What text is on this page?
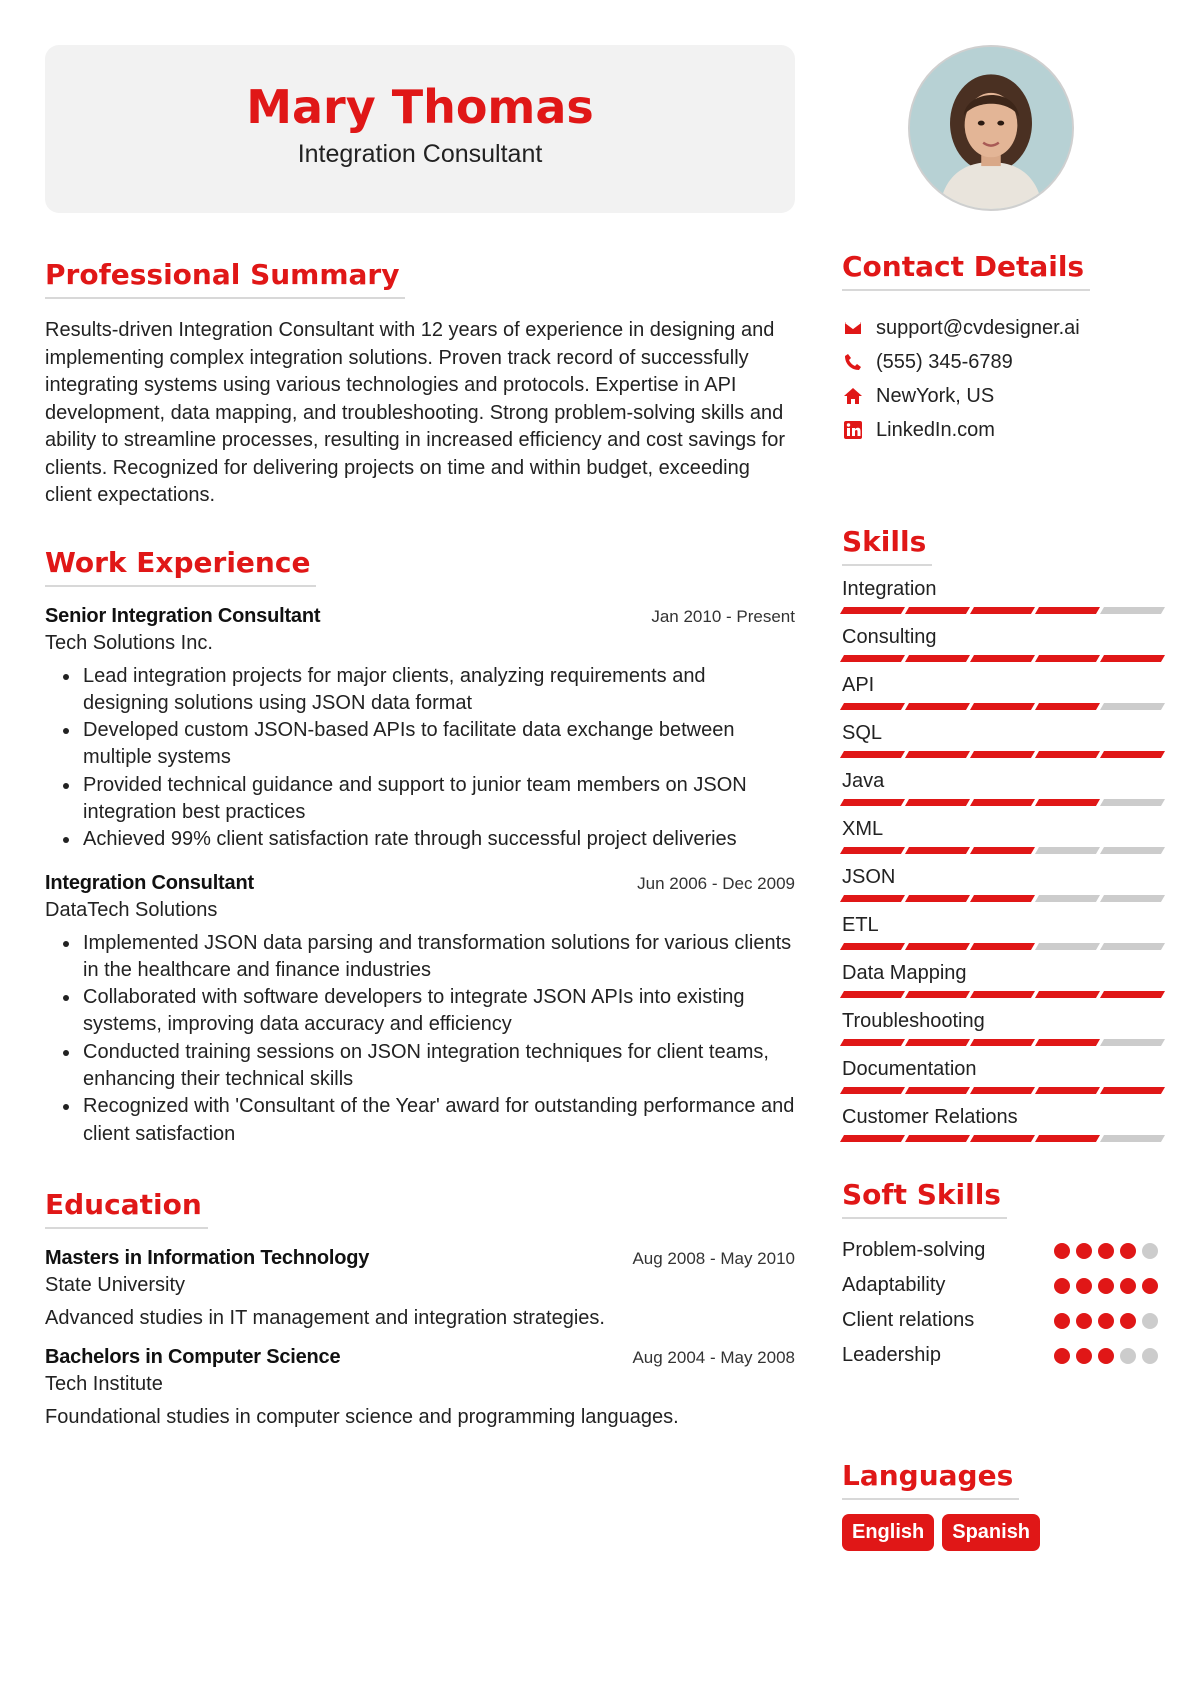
Mary Thomas
Integration Consultant
Professional Summary

Results-driven Integration Consultant with 12 years of experience in designing and implementing complex integration solutions. Proven track record of successfully integrating systems using various technologies and protocols. Expertise in API development, data mapping, and troubleshooting. Strong problem-solving skills and ability to streamline processes, resulting in increased efficiency and cost savings for clients. Recognized for delivering projects on time and within budget, exceeding client expectations.

Work Experience
Senior Integration Consultant	Jan 2010 - Present
Tech Solutions Inc.
Lead integration projects for major clients, analyzing requirements and designing solutions using JSON data format
Developed custom JSON-based APIs to facilitate data exchange between multiple systems
Provided technical guidance and support to junior team members on JSON integration best practices
Achieved 99% client satisfaction rate through successful project deliveries
Integration Consultant	Jun 2006 - Dec 2009
DataTech Solutions
Implemented JSON data parsing and transformation solutions for various clients in the healthcare and finance industries
Collaborated with software developers to integrate JSON APIs into existing systems, improving data accuracy and efficiency
Conducted training sessions on JSON integration techniques for client teams, enhancing their technical skills
Recognized with 'Consultant of the Year' award for outstanding performance and client satisfaction
Education
Masters in Information Technology	Aug 2008 - May 2010
State University
Advanced studies in IT management and integration strategies.
Bachelors in Computer Science	Aug 2004 - May 2008
Tech Institute
Foundational studies in computer science and programming languages.
Contact Details
support@cvdesigner.ai
(555) 345-6789
NewYork, US
LinkedIn.com
Skills
Integration
Consulting
API
SQL
Java
XML
JSON
ETL
Data Mapping
Troubleshooting
Documentation
Customer Relations
Soft Skills
Problem-solving
Adaptability
Client relations
Leadership
Languages
English	Spanish
